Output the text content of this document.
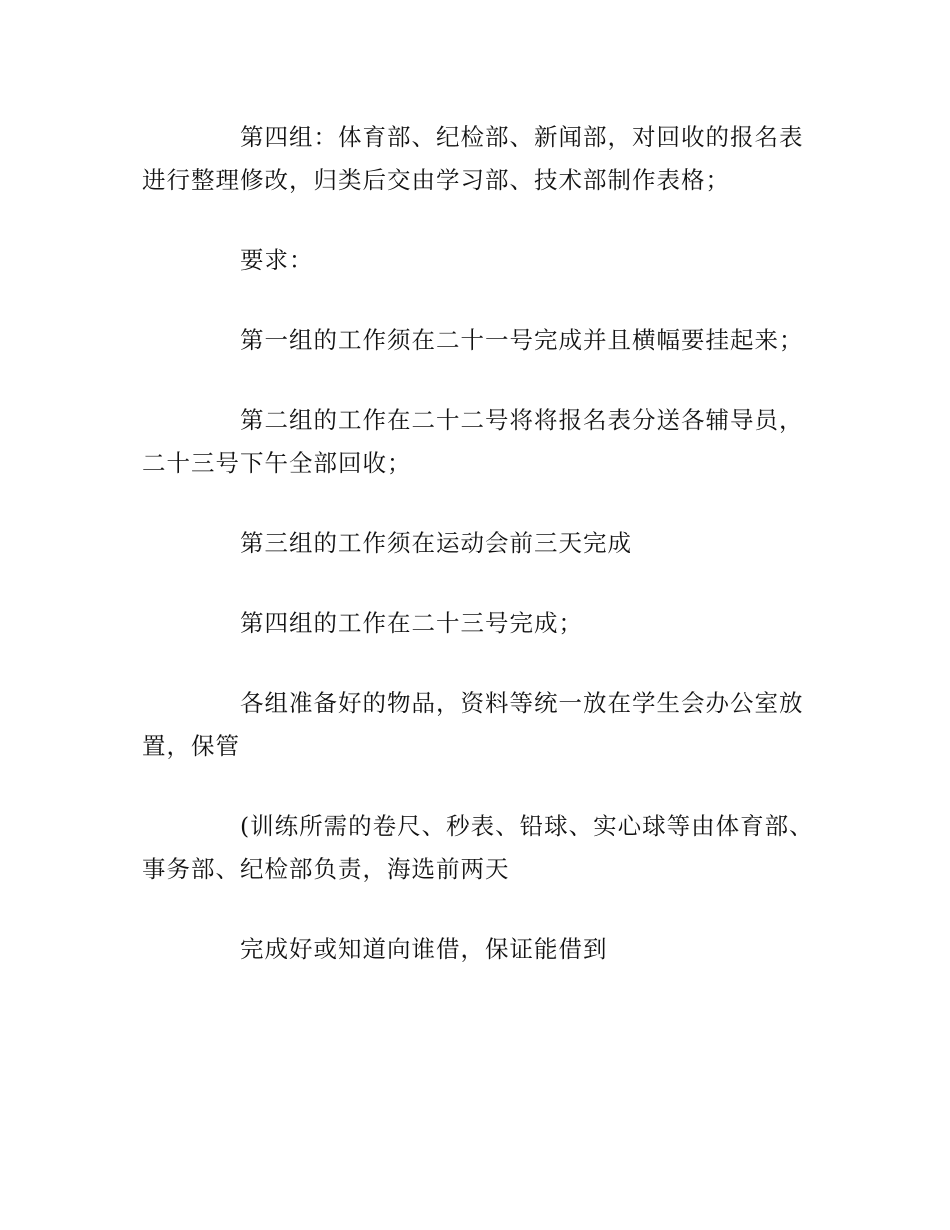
第四组：体育部、纪检部、新闻部，对回收的报名表进行整理修改，归类后交由学习部、技术部制作表格；

要求：

第一组的工作须在二十一号完成并且横幅要挂起来；

第二组的工作在二十二号将将报名表分送各辅导员，二十三号下午全部回收；

第三组的工作须在运动会前三天完成

第四组的工作在二十三号完成；

各组准备好的物品，资料等统一放在学生会办公室放置，保管

(训练所需的卷尺、秒表、铅球、实心球等由体育部、事务部、纪检部负责，海选前两天

完成好或知道向谁借，保证能借到
